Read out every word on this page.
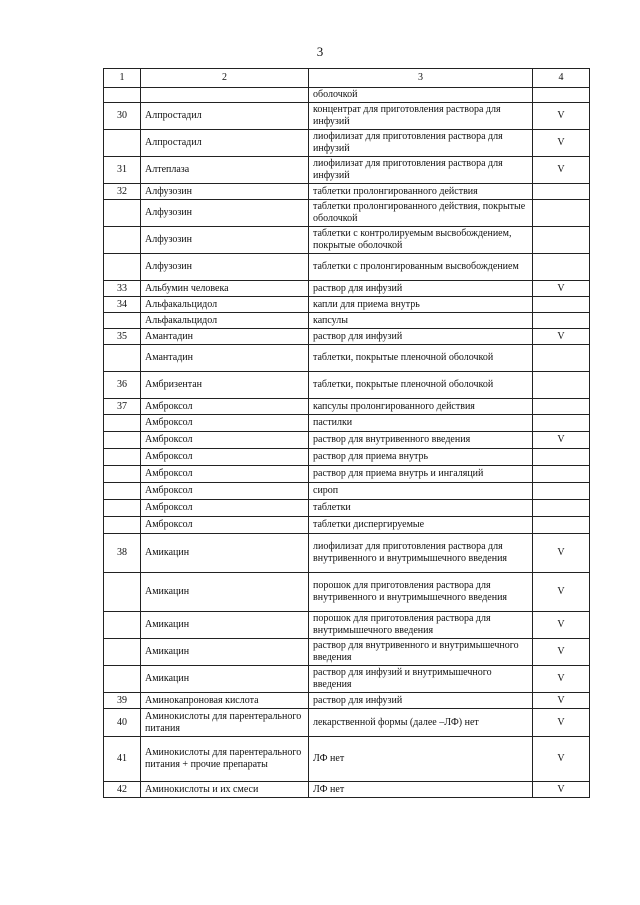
3
1	2	3	4
		оболочкой	
30	Алпростадил	концентрат для приготовления раствора для инфузий	V
	Алпростадил	лиофилизат для приготовления раствора для инфузий	V
31	Алтеплаза	лиофилизат для приготовления раствора для инфузий	V
32	Алфузозин	таблетки пролонгированного действия	
	Алфузозин	таблетки пролонгированного действия, покрытые оболочкой	
	Алфузозин	таблетки с контролируемым высвобождением, покрытые оболочкой	
	Алфузозин	таблетки с пролонгированным высвобождением	
33	Альбумин человека	раствор для инфузий	V
34	Альфакальцидол	капли для приема внутрь	
	Альфакальцидол	капсулы	
35	Амантадин	раствор для инфузий	V
	Амантадин	таблетки, покрытые пленочной оболочкой	
36	Амбризентан	таблетки, покрытые пленочной оболочкой	
37	Амброксол	капсулы пролонгированного действия	
	Амброксол	пастилки	
	Амброксол	раствор для внутривенного введения	V
	Амброксол	раствор для приема внутрь	
	Амброксол	раствор для приема внутрь и ингаляций	
	Амброксол	сироп	
	Амброксол	таблетки	
	Амброксол	таблетки диспергируемые	
38	Амикацин	лиофилизат для приготовления раствора для внутривенного и внутримышечного введения	V
	Амикацин	порошок для приготовления раствора для внутривенного и внутримышечного введения	V
	Амикацин	порошок для приготовления раствора для внутримышечного введения	V
	Амикацин	раствор для внутривенного и внутримышечного введения	V
	Амикацин	раствор для инфузий и внутримышечного введения	V
39	Аминокапроновая кислота	раствор для инфузий	V
40	Аминокислоты для парентерального питания	лекарственной формы (далее –ЛФ) нет	V
41	Аминокислоты для парентерального питания + прочие препараты	ЛФ нет	V
42	Аминокислоты и их смеси	ЛФ нет	V
